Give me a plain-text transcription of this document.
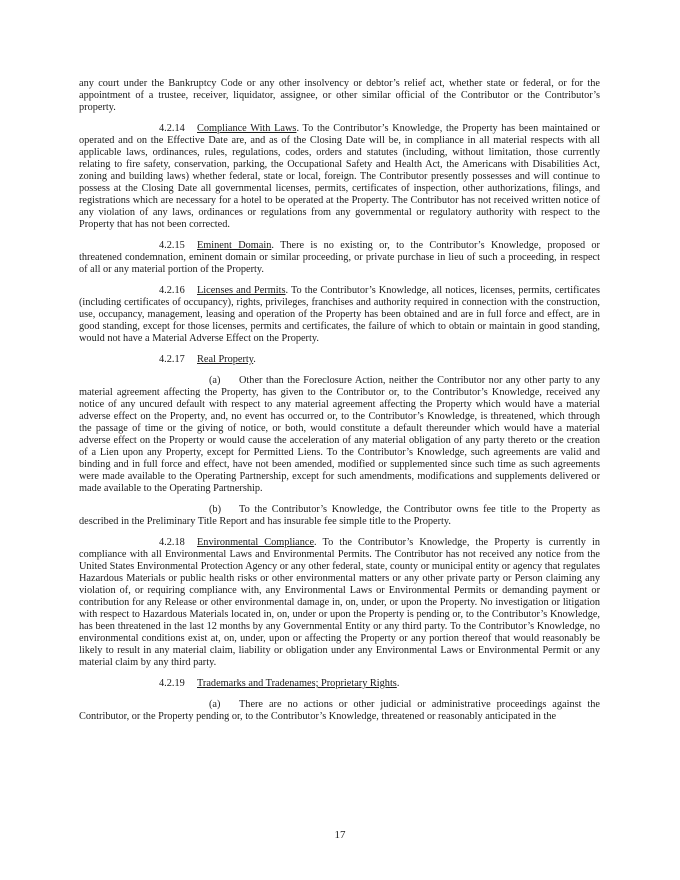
any court under the Bankruptcy Code or any other insolvency or debtor’s relief act, whether state or federal, or for the appointment of a trustee, receiver, liquidator, assignee, or other similar official of the Contributor or the Contributor’s property.

4.2.14 Compliance With Laws. To the Contributor’s Knowledge, the Property has been maintained or operated and on the Effective Date are, and as of the Closing Date will be, in compliance in all material respects with all applicable laws, ordinances, rules, regulations, codes, orders and statutes (including, without limitation, those currently relating to fire safety, conservation, parking, the Occupational Safety and Health Act, the Americans with Disabilities Act, zoning and building laws) whether federal, state or local, foreign. The Contributor presently possesses and will continue to possess at the Closing Date all governmental licenses, permits, certificates of inspection, other authorizations, filings, and registrations which are necessary for a hotel to be operated at the Property. The Contributor has not received written notice of any violation of any laws, ordinances or regulations from any governmental or regulatory authority with respect to the Property that has not been corrected.

4.2.15 Eminent Domain. There is no existing or, to the Contributor’s Knowledge, proposed or threatened condemnation, eminent domain or similar proceeding, or private purchase in lieu of such a proceeding, in respect of all or any material portion of the Property.

4.2.16 Licenses and Permits. To the Contributor’s Knowledge, all notices, licenses, permits, certificates (including certificates of occupancy), rights, privileges, franchises and authority required in connection with the construction, use, occupancy, management, leasing and operation of the Property has been obtained and are in full force and effect, are in good standing, except for those licenses, permits and certificates, the failure of which to obtain or maintain in good standing, would not have a Material Adverse Effect on the Property.

4.2.17 Real Property.

(a) Other than the Foreclosure Action, neither the Contributor nor any other party to any material agreement affecting the Property, has given to the Contributor or, to the Contributor’s Knowledge, received any notice of any uncured default with respect to any material agreement affecting the Property which would have a material adverse effect on the Property, and, no event has occurred or, to the Contributor’s Knowledge, is threatened, which through the passage of time or the giving of notice, or both, would constitute a default thereunder which would have a material adverse effect on the Property or would cause the acceleration of any material obligation of any party thereto or the creation of a Lien upon any Property, except for Permitted Liens. To the Contributor’s Knowledge, such agreements are valid and binding and in full force and effect, have not been amended, modified or supplemented since such time as such agreements were made available to the Operating Partnership, except for such amendments, modifications and supplements delivered or made available to the Operating Partnership.

(b) To the Contributor’s Knowledge, the Contributor owns fee title to the Property as described in the Preliminary Title Report and has insurable fee simple title to the Property.

4.2.18 Environmental Compliance. To the Contributor’s Knowledge, the Property is currently in compliance with all Environmental Laws and Environmental Permits. The Contributor has not received any notice from the United States Environmental Protection Agency or any other federal, state, county or municipal entity or agency that regulates Hazardous Materials or public health risks or other environmental matters or any other private party or Person claiming any violation of, or requiring compliance with, any Environmental Laws or Environmental Permits or demanding payment or contribution for any Release or other environmental damage in, on, under, or upon the Property. No investigation or litigation with respect to Hazardous Materials located in, on, under or upon the Property is pending or, to the Contributor’s Knowledge, has been threatened in the last 12 months by any Governmental Entity or any third party. To the Contributor’s Knowledge, no environmental conditions exist at, on, under, upon or affecting the Property or any portion thereof that would reasonably be likely to result in any material claim, liability or obligation under any Environmental Laws or Environmental Permit or any material claim by any third party.

4.2.19 Trademarks and Tradenames; Proprietary Rights.

(a) There are no actions or other judicial or administrative proceedings against the Contributor, or the Property pending or, to the Contributor’s Knowledge, threatened or reasonably anticipated in the

17
